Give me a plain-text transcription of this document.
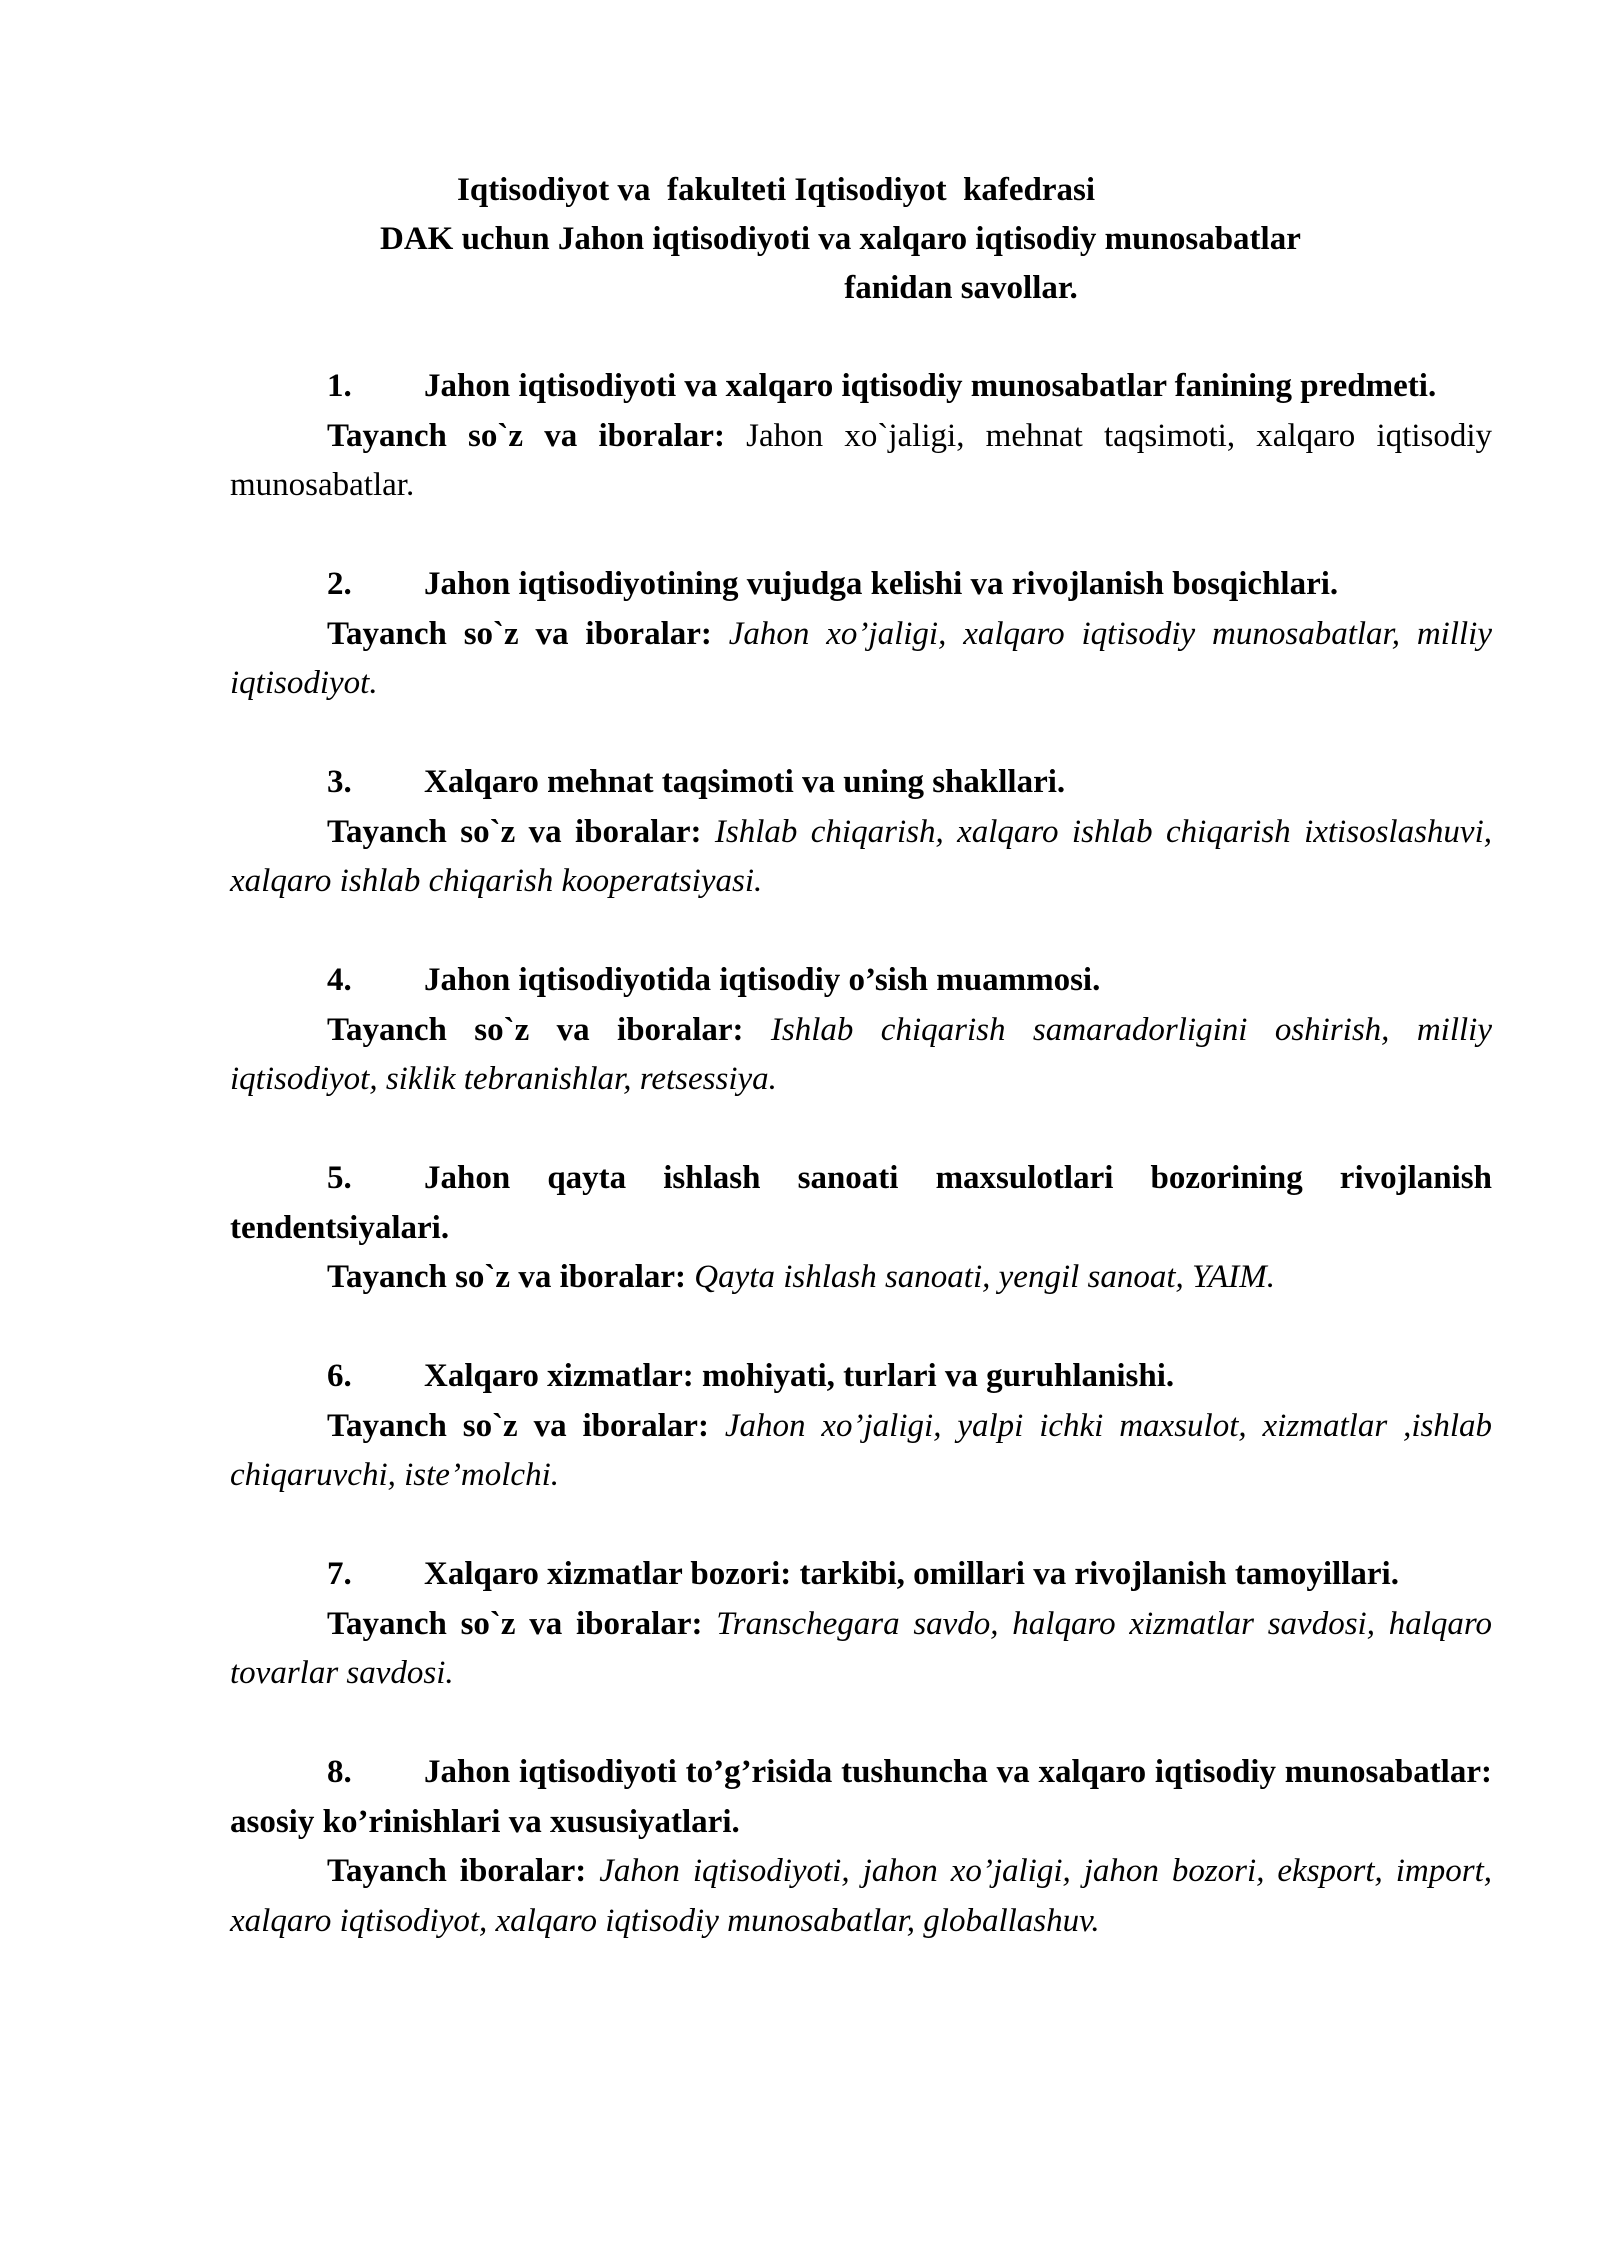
Iqtisodiyot va  fakulteti Iqtisodiyot  kafedrasi
DAK uchun Jahon iqtisodiyoti va xalqaro iqtisodiy munosabatlar
fanidan savollar.
1. Jahon iqtisodiyoti va xalqaro iqtisodiy munosabatlar fanining predmeti.
Tayanch so`z va iboralar: Jahon xo`jaligi, mehnat taqsimoti, xalqaro iqtisodiy munosabatlar.
2. Jahon iqtisodiyotining vujudga kelishi va rivojlanish bosqichlari.
Tayanch so`z va iboralar: Jahon xo’jaligi, xalqaro iqtisodiy munosabatlar, milliy iqtisodiyot.
3. Xalqaro mehnat taqsimoti va uning shakllari.
Tayanch so`z va iboralar: Ishlab chiqarish, xalqaro ishlab chiqarish ixtisoslashuvi, xalqaro ishlab chiqarish kooperatsiyasi.
4. Jahon iqtisodiyotida iqtisodiy o’sish muammosi.
Tayanch so`z va iboralar: Ishlab chiqarish samaradorligini oshirish, milliy iqtisodiyot, siklik tebranishlar, retsessiya.
5. Jahon qayta ishlash sanoati maxsulotlari bozorining rivojlanish tendentsiyalari.
Tayanch so`z va iboralar: Qayta ishlash sanoati, yengil sanoat, YAIM.
6. Xalqaro xizmatlar: mohiyati, turlari va guruhlanishi.
Tayanch so`z va iboralar: Jahon xo’jaligi, yalpi ichki maxsulot, xizmatlar ,ishlab chiqaruvchi, iste’molchi.
7. Xalqaro xizmatlar bozori: tarkibi, omillari va rivojlanish tamoyillari.
Tayanch so`z va iboralar: Transchegara savdo, halqaro xizmatlar savdosi, halqaro tovarlar savdosi.
8. Jahon iqtisodiyoti to’g’risida tushuncha va xalqaro iqtisodiy munosabatlar: asosiy ko’rinishlari va xususiyatlari.
Tayanch iboralar: Jahon iqtisodiyoti, jahon xo’jaligi, jahon bozori, eksport, import, xalqaro iqtisodiyot, xalqaro iqtisodiy munosabatlar, globallashuv.
